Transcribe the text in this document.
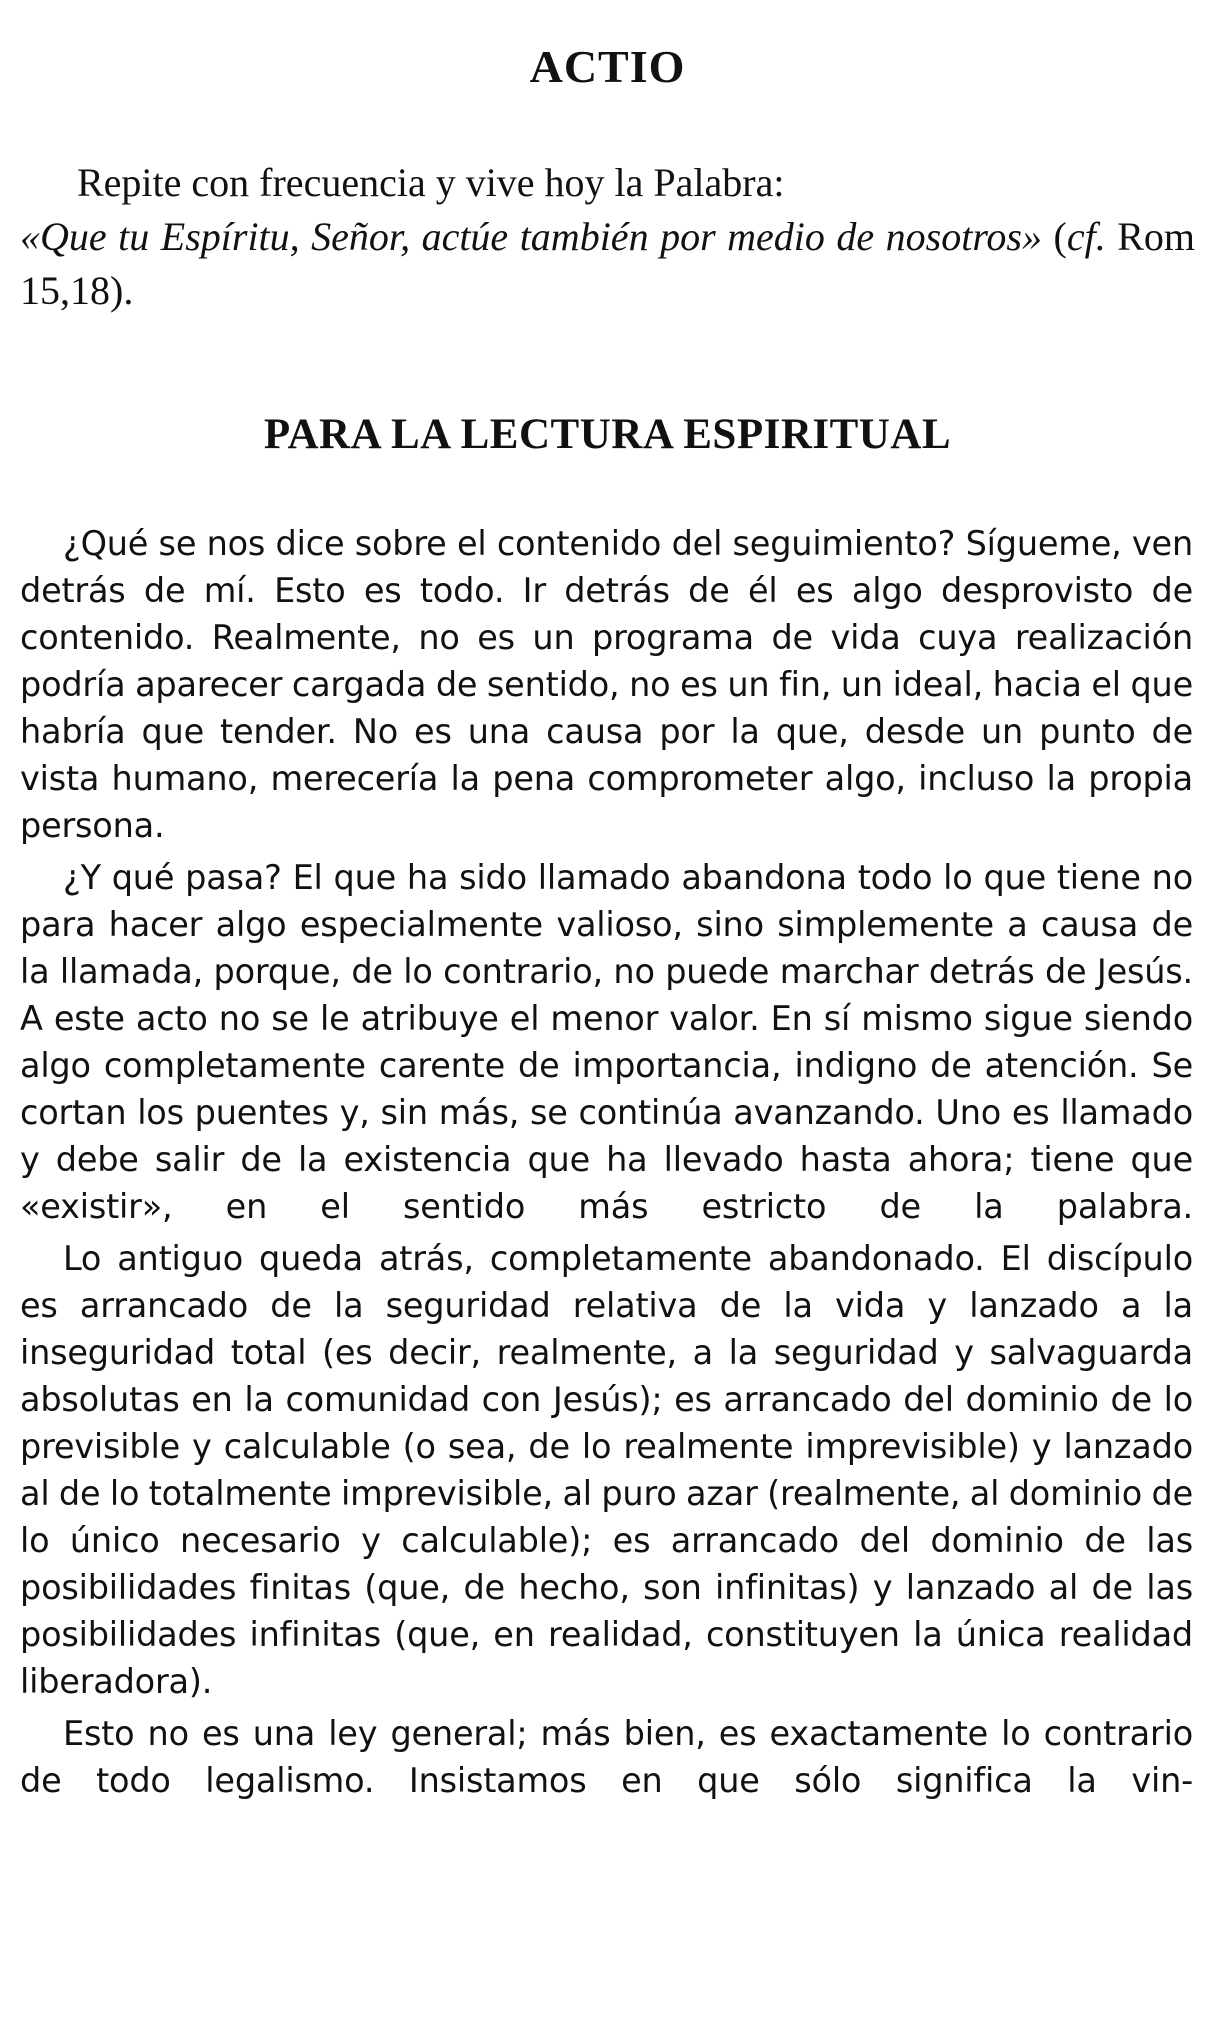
ACTIO

Repite con frecuencia y vive hoy la Palabra:
«Que tu Espíritu, Señor, actúe también por medio de nosotros» (cf. Rom 15,18).

PARA LA LECTURA ESPIRITUAL

¿Qué se nos dice sobre el contenido del seguimiento? Sígueme, ven detrás de mí. Esto es todo. Ir detrás de él es algo desprovisto de contenido. Realmente, no es un programa de vida cuya realización podría aparecer cargada de sentido, no es un fin, un ideal, hacia el que habría que tender. No es una causa por la que, desde un punto de vista humano, merecería la pena comprometer algo, incluso la propia persona.

¿Y qué pasa? El que ha sido llamado abandona todo lo que tiene no para hacer algo especialmente valioso, sino simplemente a causa de la llamada, porque, de lo contrario, no puede marchar detrás de Jesús. A este acto no se le atribuye el menor valor. En sí mismo sigue siendo algo completamente carente de importancia, indigno de atención. Se cortan los puentes y, sin más, se continúa avanzando. Uno es llamado y debe salir de la existencia que ha llevado hasta ahora; tiene que «existir», en el sentido más estricto de la palabra.

Lo antiguo queda atrás, completamente abandonado. El discípulo es arrancado de la seguridad relativa de la vida y lanzado a la inseguridad total (es decir, realmente, a la seguridad y salvaguarda absolutas en la comunidad con Jesús); es arrancado del dominio de lo previsible y calculable (o sea, de lo realmente imprevisible) y lanzado al de lo totalmente imprevisible, al puro azar (realmente, al dominio de lo único necesario y calculable); es arrancado del dominio de las posibilidades finitas (que, de hecho, son infinitas) y lanzado al de las posibilidades infinitas (que, en realidad, constituyen la única realidad liberadora).

Esto no es una ley general; más bien, es exactamente lo contrario de todo legalismo. Insistamos en que sólo significa la vin-
